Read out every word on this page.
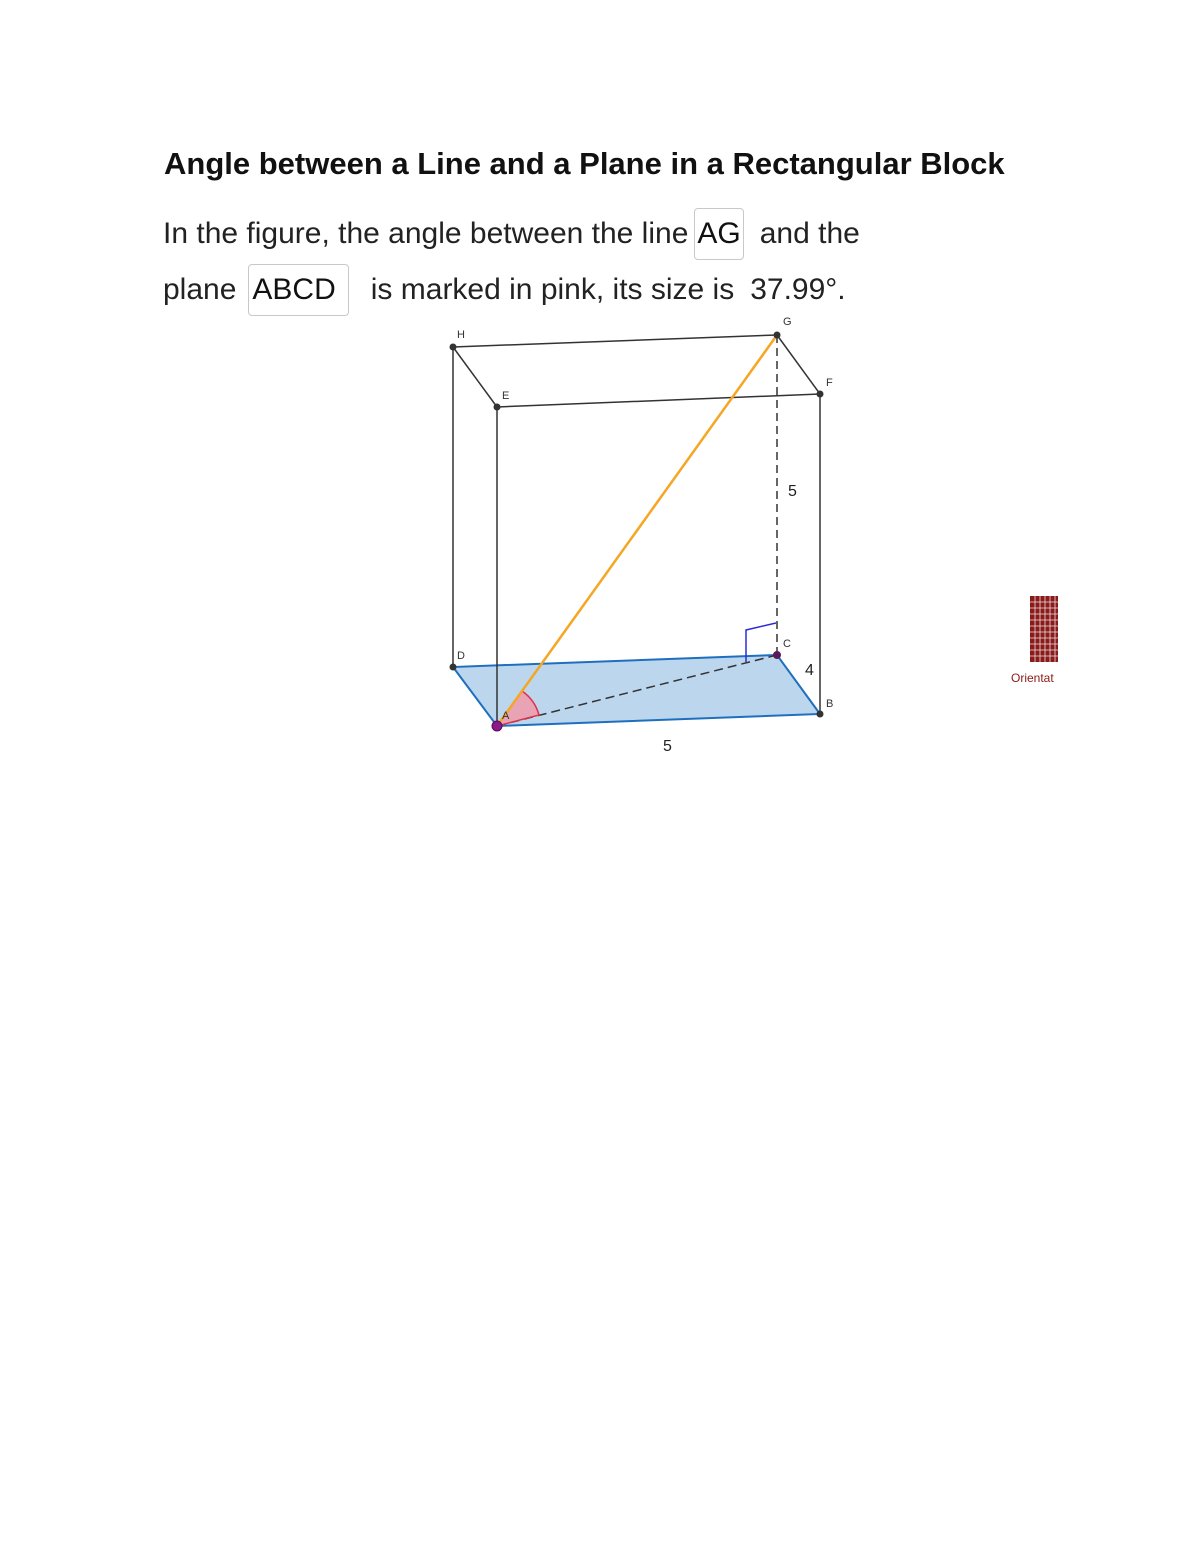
Angle between a Line and a Plane in a Rectangular Block
In the figure, the angle between the line AG and the
plane ABCD	is marked in pink, its size is 37.99° .
H
G
F
E
D
C
B
A
5
4
5
Orientat
